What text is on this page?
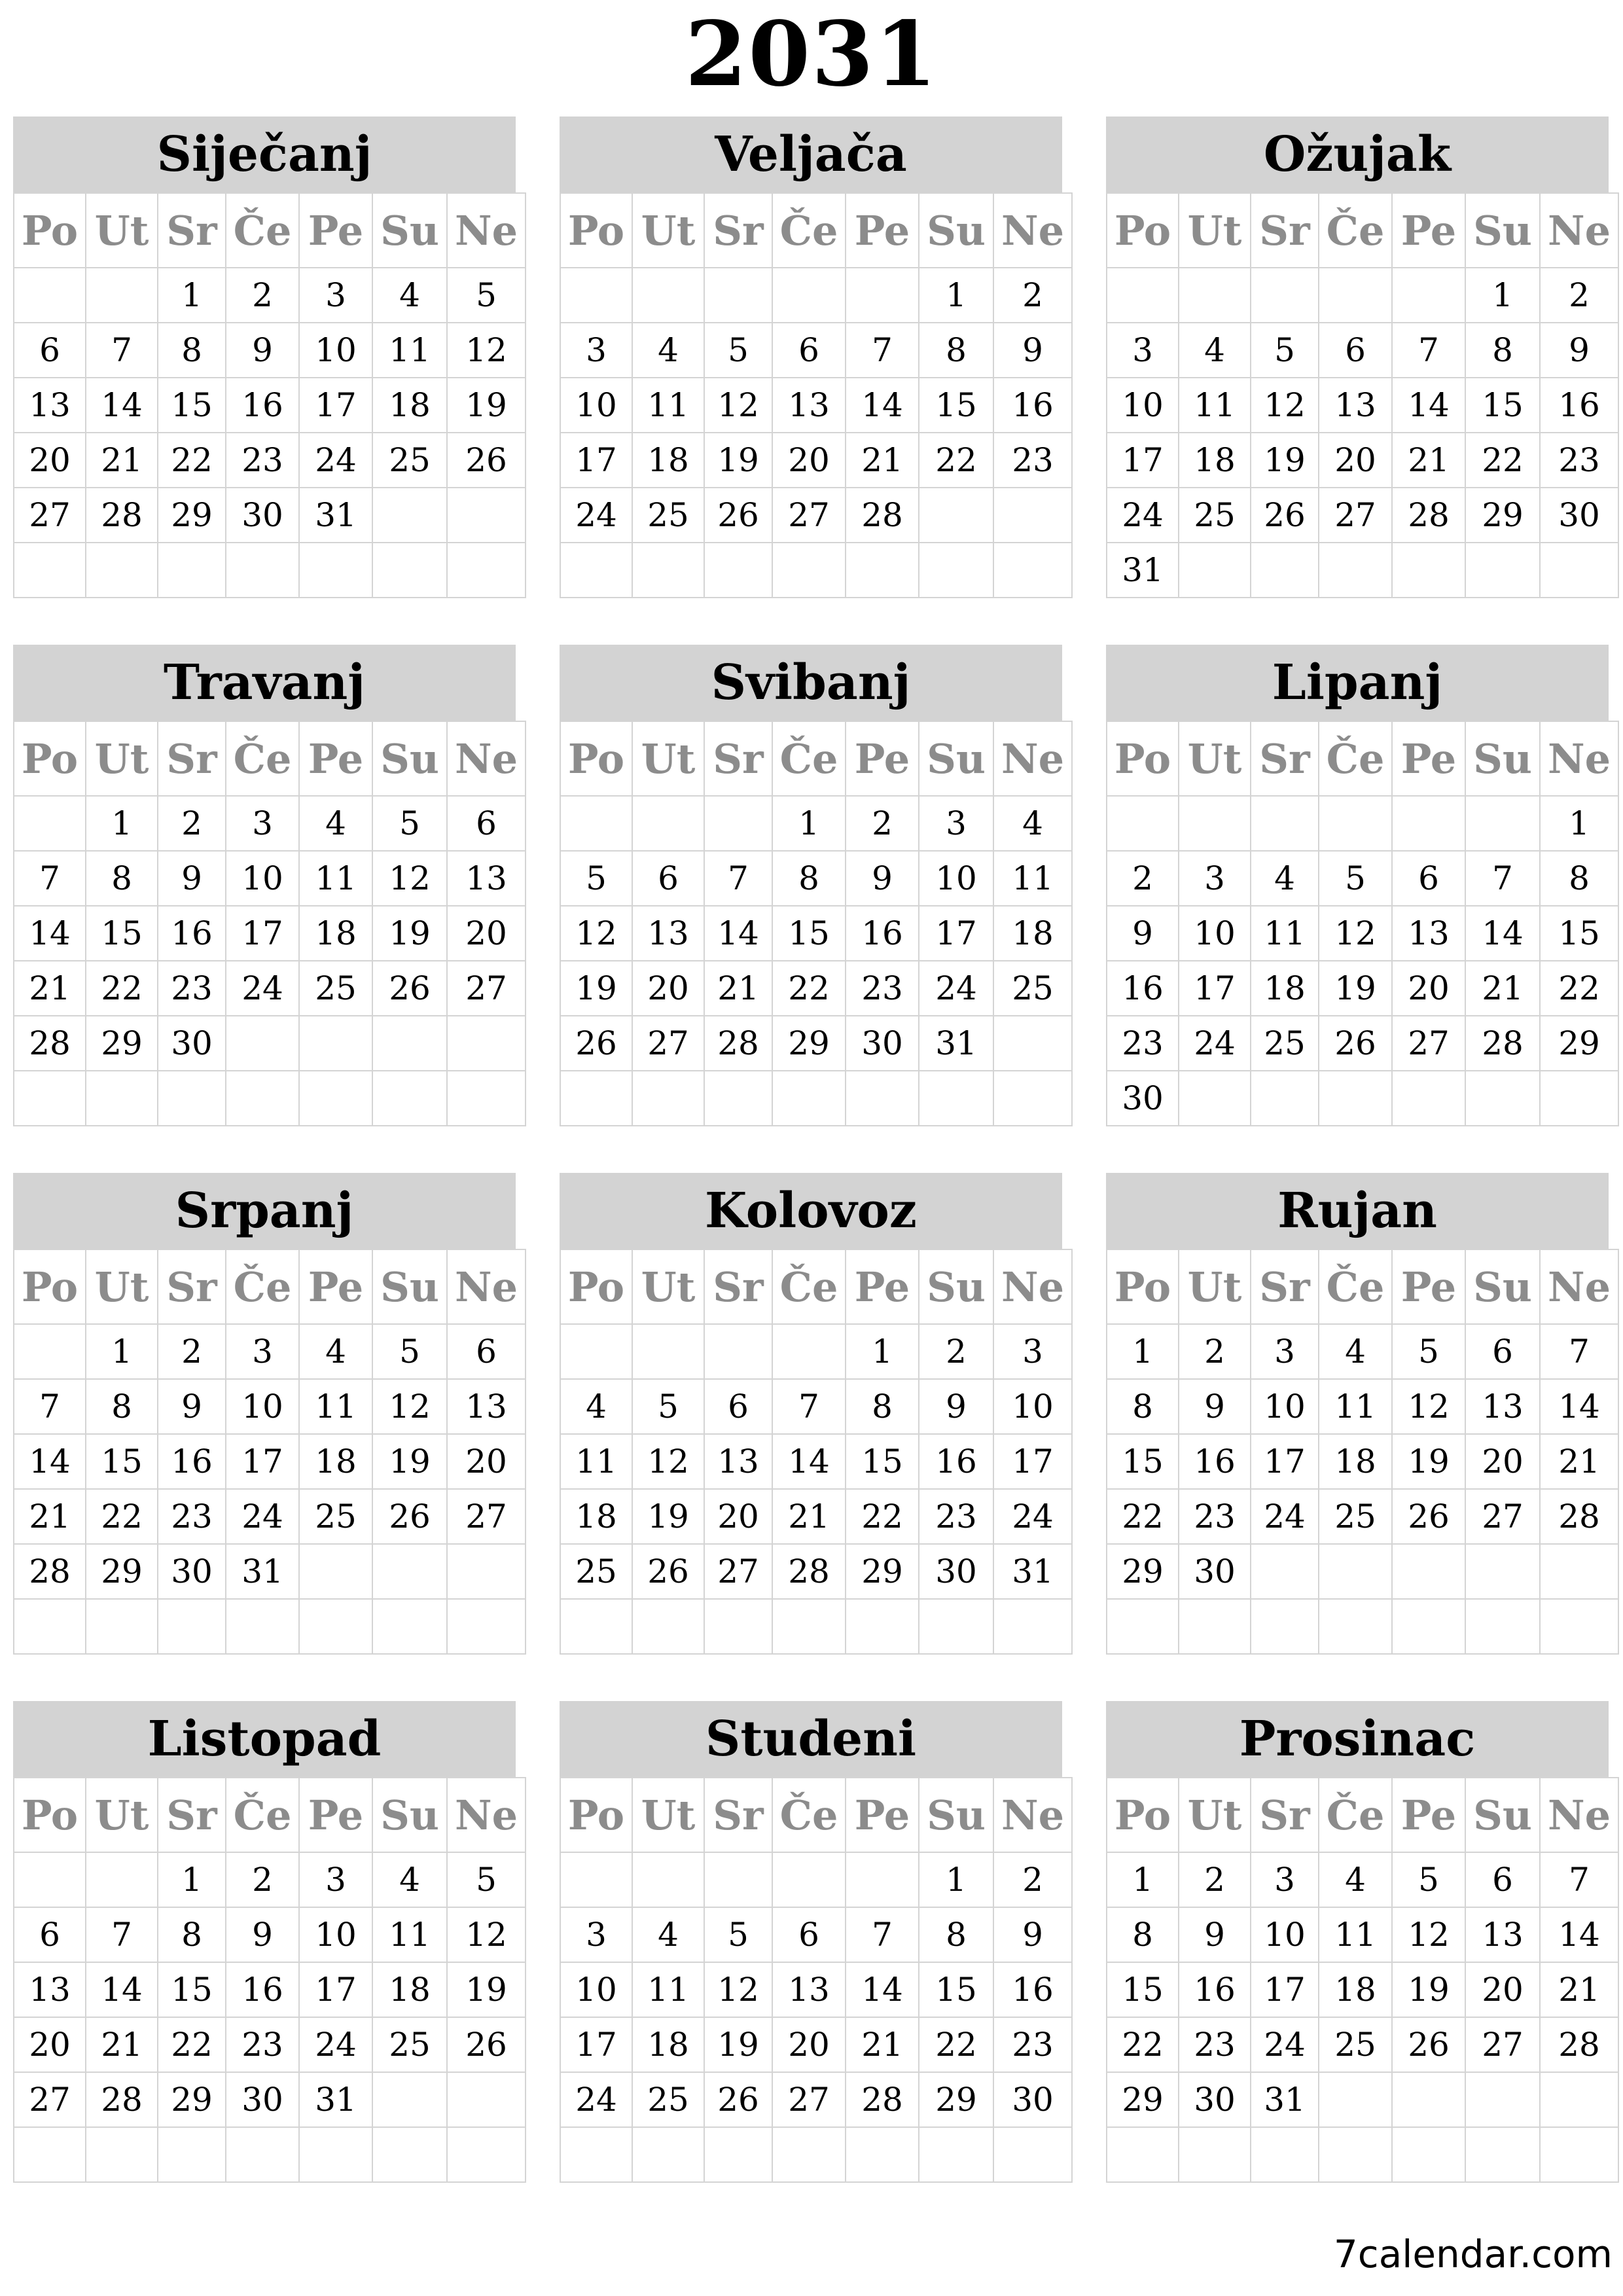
2031
Siječanj
Po	Ut	Sr	Če	Pe	Su	Ne
		1	2	3	4	5
6	7	8	9	10	11	12
13	14	15	16	17	18	19
20	21	22	23	24	25	26
27	28	29	30	31		

Veljača
Po	Ut	Sr	Če	Pe	Su	Ne
					1	2
3	4	5	6	7	8	9
10	11	12	13	14	15	16
17	18	19	20	21	22	23
24	25	26	27	28		

Ožujak
Po	Ut	Sr	Če	Pe	Su	Ne
					1	2
3	4	5	6	7	8	9
10	11	12	13	14	15	16
17	18	19	20	21	22	23
24	25	26	27	28	29	30
31						
Travanj
Po	Ut	Sr	Če	Pe	Su	Ne
	1	2	3	4	5	6
7	8	9	10	11	12	13
14	15	16	17	18	19	20
21	22	23	24	25	26	27
28	29	30				

Svibanj
Po	Ut	Sr	Če	Pe	Su	Ne
			1	2	3	4
5	6	7	8	9	10	11
12	13	14	15	16	17	18
19	20	21	22	23	24	25
26	27	28	29	30	31	

Lipanj
Po	Ut	Sr	Če	Pe	Su	Ne
						1
2	3	4	5	6	7	8
9	10	11	12	13	14	15
16	17	18	19	20	21	22
23	24	25	26	27	28	29
30						
Srpanj
Po	Ut	Sr	Če	Pe	Su	Ne
	1	2	3	4	5	6
7	8	9	10	11	12	13
14	15	16	17	18	19	20
21	22	23	24	25	26	27
28	29	30	31			

Kolovoz
Po	Ut	Sr	Če	Pe	Su	Ne
				1	2	3
4	5	6	7	8	9	10
11	12	13	14	15	16	17
18	19	20	21	22	23	24
25	26	27	28	29	30	31

Rujan
Po	Ut	Sr	Če	Pe	Su	Ne
1	2	3	4	5	6	7
8	9	10	11	12	13	14
15	16	17	18	19	20	21
22	23	24	25	26	27	28
29	30					

Listopad
Po	Ut	Sr	Če	Pe	Su	Ne
		1	2	3	4	5
6	7	8	9	10	11	12
13	14	15	16	17	18	19
20	21	22	23	24	25	26
27	28	29	30	31		

Studeni
Po	Ut	Sr	Če	Pe	Su	Ne
					1	2
3	4	5	6	7	8	9
10	11	12	13	14	15	16
17	18	19	20	21	22	23
24	25	26	27	28	29	30

Prosinac
Po	Ut	Sr	Če	Pe	Su	Ne
1	2	3	4	5	6	7
8	9	10	11	12	13	14
15	16	17	18	19	20	21
22	23	24	25	26	27	28
29	30	31				

7calendar.com
